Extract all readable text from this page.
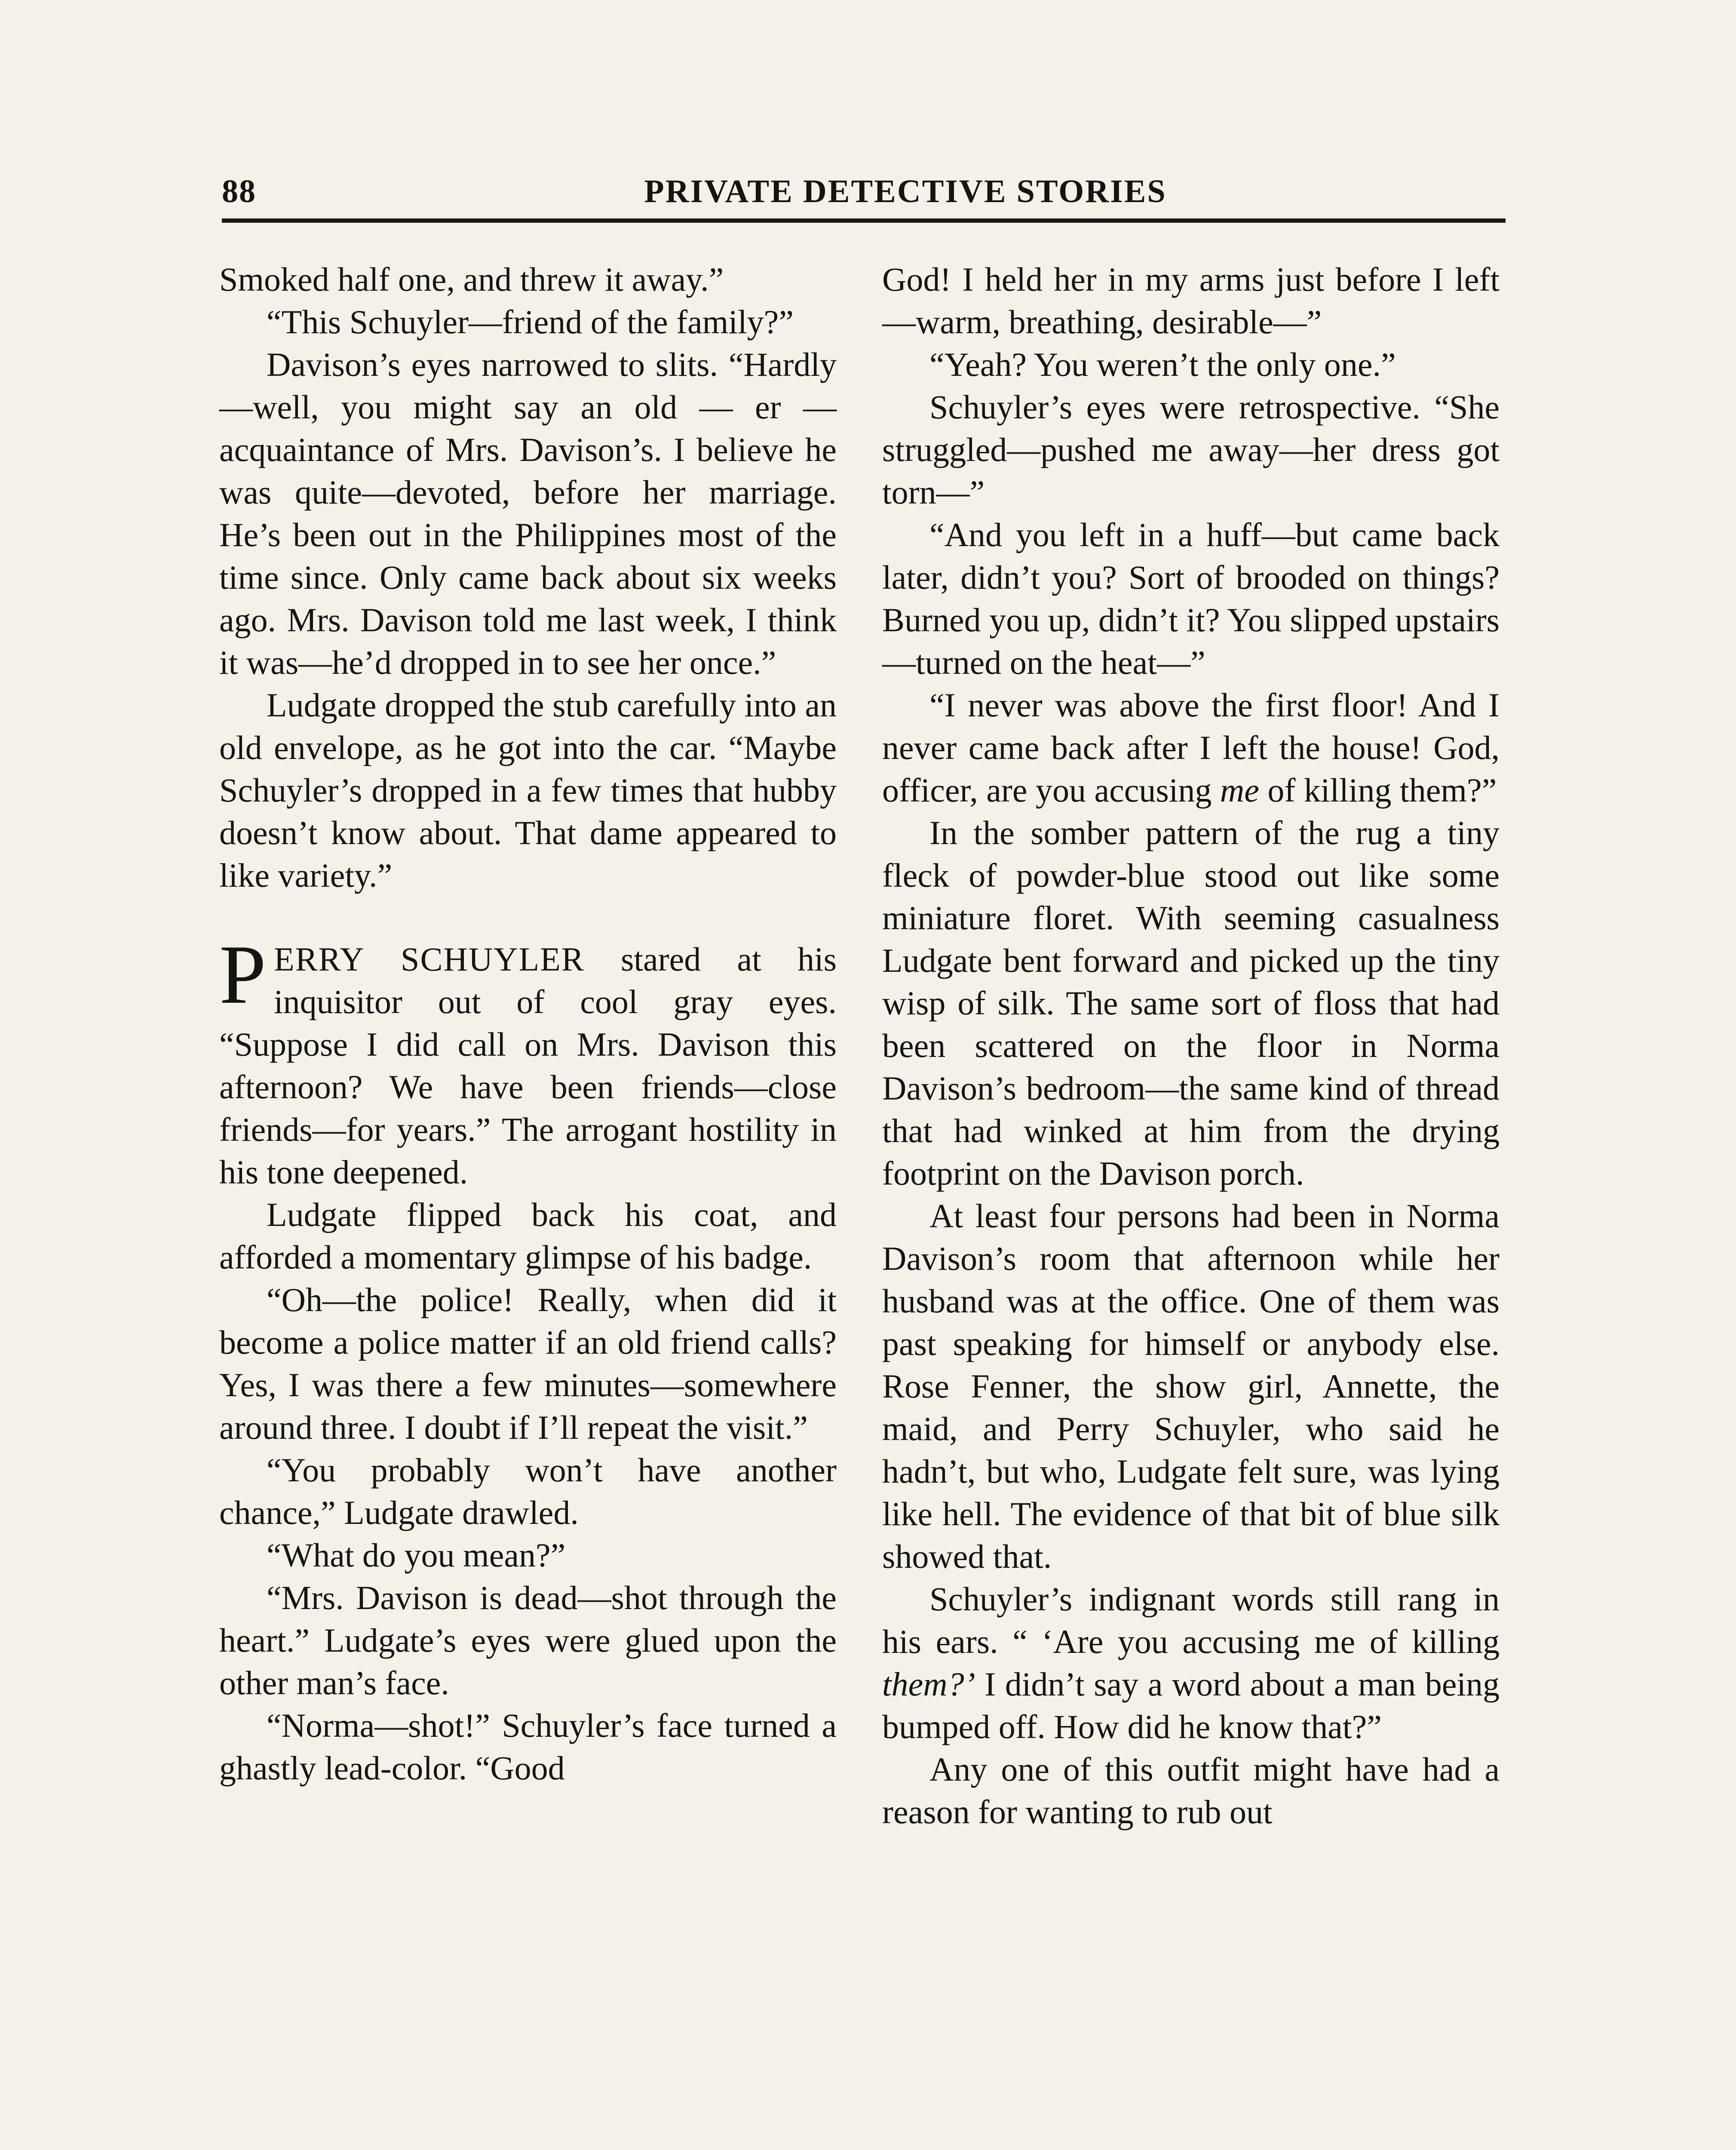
88	PRIVATE DETECTIVE STORIES

Smoked half one, and threw it away.”

“This Schuyler—friend of the family?”

Davison’s eyes narrowed to slits. “Hardly—well, you might say an old — er — acquaintance of Mrs. Davison’s. I believe he was quite—devoted, before her marriage. He’s been out in the Philippines most of the time since. Only came back about six weeks ago. Mrs. Davison told me last week, I think it was—he’d dropped in to see her once.”

Ludgate dropped the stub carefully into an old envelope, as he got into the car. “Maybe Schuyler’s dropped in a few times that hubby doesn’t know about. That dame appeared to like variety.”

PERRY SCHUYLER stared at his inquisitor out of cool gray eyes. “Suppose I did call on Mrs. Davison this afternoon? We have been friends—close friends—for years.” The arrogant hostility in his tone deepened.

Ludgate flipped back his coat, and afforded a momentary glimpse of his badge.

“Oh—the police! Really, when did it become a police matter if an old friend calls? Yes, I was there a few minutes—somewhere around three. I doubt if I’ll repeat the visit.”

“You probably won’t have another chance,” Ludgate drawled.

“What do you mean?”

“Mrs. Davison is dead—shot through the heart.” Ludgate’s eyes were glued upon the other man’s face.

“Norma—shot!” Schuyler’s face turned a ghastly lead-color. “Good

God! I held her in my arms just before I left—warm, breathing, desirable—”

“Yeah? You weren’t the only one.”

Schuyler’s eyes were retrospective. “She struggled—pushed me away—her dress got torn—”

“And you left in a huff—but came back later, didn’t you? Sort of brooded on things? Burned you up, didn’t it? You slipped upstairs—turned on the heat—”

“I never was above the first floor! And I never came back after I left the house! God, officer, are you accusing me of killing them?”

In the somber pattern of the rug a tiny fleck of powder-blue stood out like some miniature floret. With seeming casualness Ludgate bent forward and picked up the tiny wisp of silk. The same sort of floss that had been scattered on the floor in Norma Davison’s bedroom—the same kind of thread that had winked at him from the drying footprint on the Davison porch.

At least four persons had been in Norma Davison’s room that afternoon while her husband was at the office. One of them was past speaking for himself or anybody else. Rose Fenner, the show girl, Annette, the maid, and Perry Schuyler, who said he hadn’t, but who, Ludgate felt sure, was lying like hell. The evidence of that bit of blue silk showed that.

Schuyler’s indignant words still rang in his ears. “ ‘Are you accusing me of killing them?’ I didn’t say a word about a man being bumped off. How did he know that?”

Any one of this outfit might have had a reason for wanting to rub out
